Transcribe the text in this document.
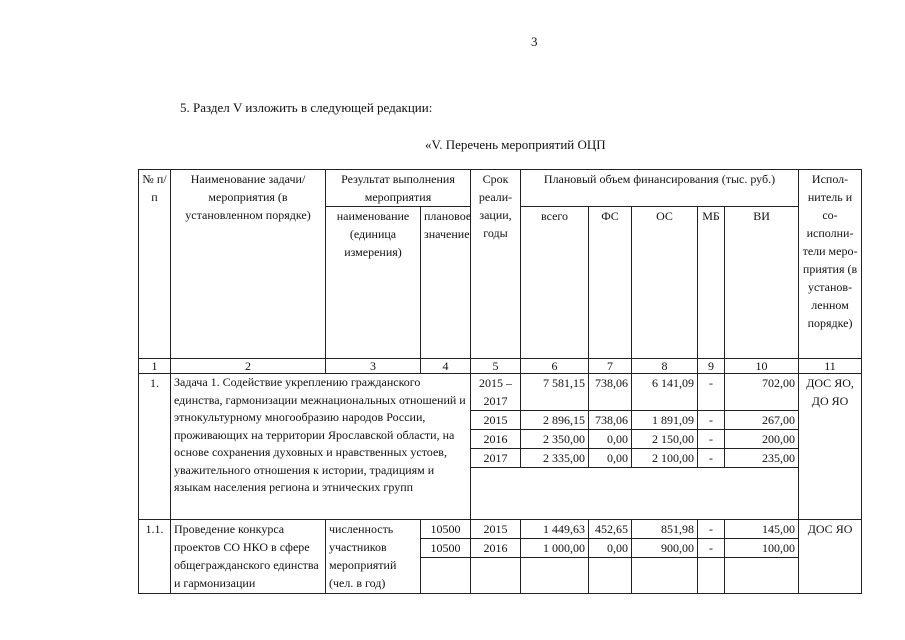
3
5. Раздел V изложить в следующей редакции:
«V. Перечень мероприятий ОЦП
№ п/п	Наименование задачи/мероприятия (в установленном порядке)	Результат выполнения мероприятия		Срок реали- зации, годы	Плановый объем финансирования (тыс. руб.)					Испол- нитель и со- исполни- тели меро- приятия (в установ- ленном порядке)
		наименование (единица измерения)	плановое значение		всего	ФС	ОС	МБ	ВИ	
1	2	3	4	5	6	7	8	9	10	11
1.	Задача 1. Содействие укреплению гражданского единства, гармонизации межнациональных отношений и этнокультурному многообразию народов России, проживающих на территории Ярославской области, на основе сохранения духовных и нравственных устоев, уважительного отношения к истории, традициям и языкам населения региона и этнических групп			2015 – 2017	7 581,15	738,06	6 141,09	-	702,00	ДОС ЯО, ДО ЯО
				2015	2 896,15	738,06	1 891,09	-	267,00	
				2016	2 350,00	0,00	2 150,00	-	200,00	
				2017	2 335,00	0,00	2 100,00	-	235,00	

1.1.	Проведение конкурса проектов СО НКО в сфере общегражданского единства и гармонизации	численность участников мероприятий (чел. в год)	10500	2015	1 449,63	452,65	851,98	-	145,00	ДОС ЯО
			10500	2016	1 000,00	0,00	900,00	-	100,00	
